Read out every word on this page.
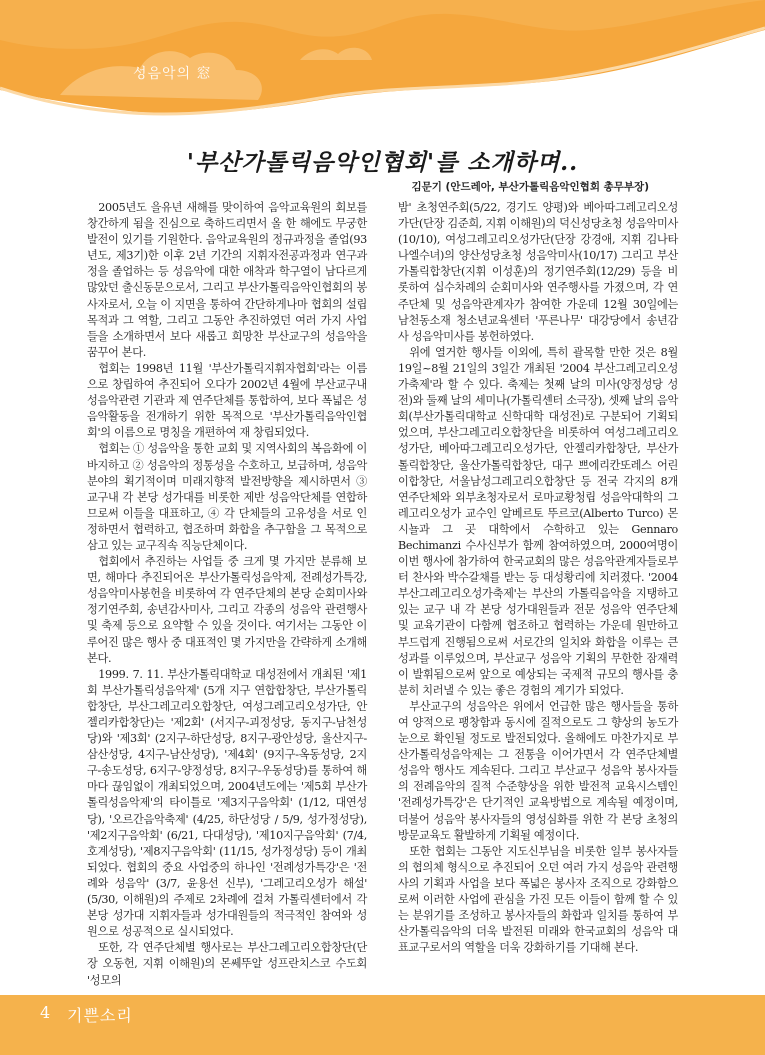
성음악의 窓
'부산가톨릭음악인협회'를 소개하며..
김문기 (안드레아, 부산가톨릭음악인협회 총무부장)

2005년도 을유년 새해를 맞이하여 음악교육원의 회보를 창간하게 됨을 진심으로 축하드리면서 올 한 해에도 무궁한 발전이 있기를 기원한다. 음악교육원의 정규과정을 졸업(93년도, 제3기)한 이후 2년 기간의 지휘자전공과정과 연구과정을 졸업하는 등 성음악에 대한 애착과 학구열이 남다르게 많았던 출신동문으로서, 그리고 부산가톨릭음악인협회의 봉사자로서, 오늘 이 지면을 통하여 간단하게나마 협회의 설립목적과 그 역할, 그리고 그동안 추진하였던 여러 가지 사업들을 소개하면서 보다 새롭고 희망찬 부산교구의 성음악을 꿈꾸어 본다.

협회는 1998년 11월 '부산가톨릭지휘자협회'라는 이름으로 창립하여 추진되어 오다가 2002년 4월에 부산교구내 성음악관련 기관과 제 연주단체를 통합하여, 보다 폭넓은 성음악활동을 전개하기 위한 목적으로 '부산가톨릭음악인협회'의 이름으로 명칭을 개편하여 재 창립되었다.

협회는 ① 성음악을 통한 교회 및 지역사회의 복음화에 이바지하고 ② 성음악의 정통성을 수호하고, 보급하며, 성음악분야의 획기적이며 미래지향적 발전방향을 제시하면서 ③ 교구내 각 본당 성가대를 비롯한 제반 성음악단체를 연합하므로써 이들을 대표하고, ④ 각 단체들의 고유성을 서로 인정하면서 협력하고, 협조하며 화합을 추구함을 그 목적으로 삼고 있는 교구직속 직능단체이다.

협회에서 추진하는 사업들 중 크게 몇 가지만 분류해 보면, 해마다 추진되어온 부산가톨릭성음악제, 전례성가특강, 성음악미사봉헌을 비롯하여 각 연주단체의 본당 순회미사와 정기연주회, 송년감사미사, 그리고 각종의 성음악 관련행사 및 축제 등으로 요약할 수 있을 것이다. 여기서는 그동안 이루어진 많은 행사 중 대표적인 몇 가지만을 간략하게 소개해 본다.

1999. 7. 11. 부산가톨릭대학교 대성전에서 개최된 '제1회 부산가톨릭성음악제' (5개 지구 연합합창단, 부산가톨릭합창단, 부산그레고리오합창단, 여성그레고리오성가단, 안젤리카합창단)는 '제2회' (서지구-괴정성당, 동지구-남천성당)와 '제3회' (2지구-하단성당, 8지구-광안성당, 울산지구-삼산성당, 4지구-남산성당), '제4회' (9지구-옥동성당, 2지구-송도성당, 6지구-양정성당, 8지구-우동성당)를 통하여 해마다 끊임없이 개최되었으며, 2004년도에는 '제5회 부산가톨릭성음악제'의 타이틀로 '제3지구음악회' (1/12, 대연성당), '오르간음악축제' (4/25, 하단성당 / 5/9, 성가정성당), '제2지구음악회' (6/21, 다대성당), '제10지구음악회' (7/4, 호계성당), '제8지구음악회' (11/15, 성가정성당) 등이 개최되었다. 협회의 중요 사업중의 하나인 '전례성가특강'은 '전례와 성음악' (3/7, 윤용선 신부), '그레고리오성가 해설' (5/30, 이해원)의 주제로 2차례에 걸쳐 가톨릭센터에서 각 본당 성가대 지휘자들과 성가대원들의 적극적인 참여와 성원으로 성공적으로 실시되었다.

또한, 각 연주단체별 행사로는 부산그레고리오합창단(단장 오동헌, 지휘 이해원)의 몬쎄뚜알 성프란치스코 수도회 '성모의

밤' 초청연주회(5/22, 경기도 양평)와 베아따그레고리오성가단(단장 김준희, 지휘 이해원)의 덕신성당초청 성음악미사(10/10), 여성그레고리오성가단(단장 강경애, 지휘 김나타나엘수녀)의 양산성당초청 성음악미사(10/17) 그리고 부산가톨릭합창단(지휘 이성훈)의 정기연주회(12/29) 등을 비롯하여 십수차례의 순회미사와 연주행사를 가졌으며, 각 연주단체 및 성음악관계자가 참여한 가운데 12월 30일에는 남천동소재 청소년교육센터 '푸른나무' 대강당에서 송년감사 성음악미사를 봉헌하였다.

위에 열거한 행사들 이외에, 특히 괄목할 만한 것은 8월 19일~8월 21일의 3일간 개최된 '2004 부산그레고리오성가축제'라 할 수 있다. 축제는 첫째 날의 미사(양정성당 성전)와 둘째 날의 세미나(가톨릭센터 소극장), 셋째 날의 음악회(부산가톨릭대학교 신학대학 대성전)로 구분되어 기획되었으며, 부산그레고리오합창단을 비롯하여 여성그레고리오성가단, 베아따그레고리오성가단, 안젤리카합창단, 부산가톨릭합창단, 울산가톨릭합창단, 대구 쁘에리칸또레스 어린이합창단, 서울남성그레고리오합창단 등 전국 각지의 8개 연주단체와 외부초청자로서 로마교황청립 성음악대학의 그레고리오성가 교수인 알베르토 뚜르코(Alberto Turco) 몬시뇰과 그 곳 대학에서 수학하고 있는 Gennaro Bechimanzi 수사신부가 함께 참여하였으며, 2000여명이 이번 행사에 참가하여 한국교회의 많은 성음악관계자들로부터 찬사와 박수갈채를 받는 등 대성황리에 치러졌다. '2004 부산그레고리오성가축제'는 부산의 가톨릭음악을 지탱하고 있는 교구 내 각 본당 성가대원들과 전문 성음악 연주단체 및 교육기관이 다함께 협조하고 협력하는 가운데 원만하고 부드럽게 진행됨으로써 서로간의 일치와 화합을 이루는 큰 성과를 이루었으며, 부산교구 성음악 기획의 무한한 잠재력이 발휘됨으로써 앞으로 예상되는 국제적 규모의 행사를 충분히 치러낼 수 있는 좋은 경험의 계기가 되었다.

부산교구의 성음악은 위에서 언급한 많은 행사들을 통하여 양적으로 팽창함과 동시에 질적으로도 그 향상의 농도가 눈으로 확인될 정도로 발전되었다. 올해에도 마찬가지로 부산가톨릭성음악제는 그 전통을 이어가면서 각 연주단체별 성음악 행사도 계속된다. 그리고 부산교구 성음악 봉사자들의 전례음악의 질적 수준향상을 위한 발전적 교육시스템인 '전례성가특강'은 단기적인 교육방법으로 계속될 예정이며, 더불어 성음악 봉사자들의 영성심화를 위한 각 본당 초청의 방문교육도 활발하게 기획될 예정이다.

또한 협회는 그동안 지도신부님을 비롯한 일부 봉사자들의 협의체 형식으로 추진되어 오던 여러 가지 성음악 관련행사의 기획과 사업을 보다 폭넓은 봉사자 조직으로 강화함으로써 이러한 사업에 관심을 가진 모든 이들이 함께 할 수 있는 분위기를 조성하고 봉사자들의 화합과 일치를 통하여 부산가톨릭음악의 더욱 발전된 미래와 한국교회의 성음악 대표교구로서의 역할을 더욱 강화하기를 기대해 본다.

4 기쁜소리
